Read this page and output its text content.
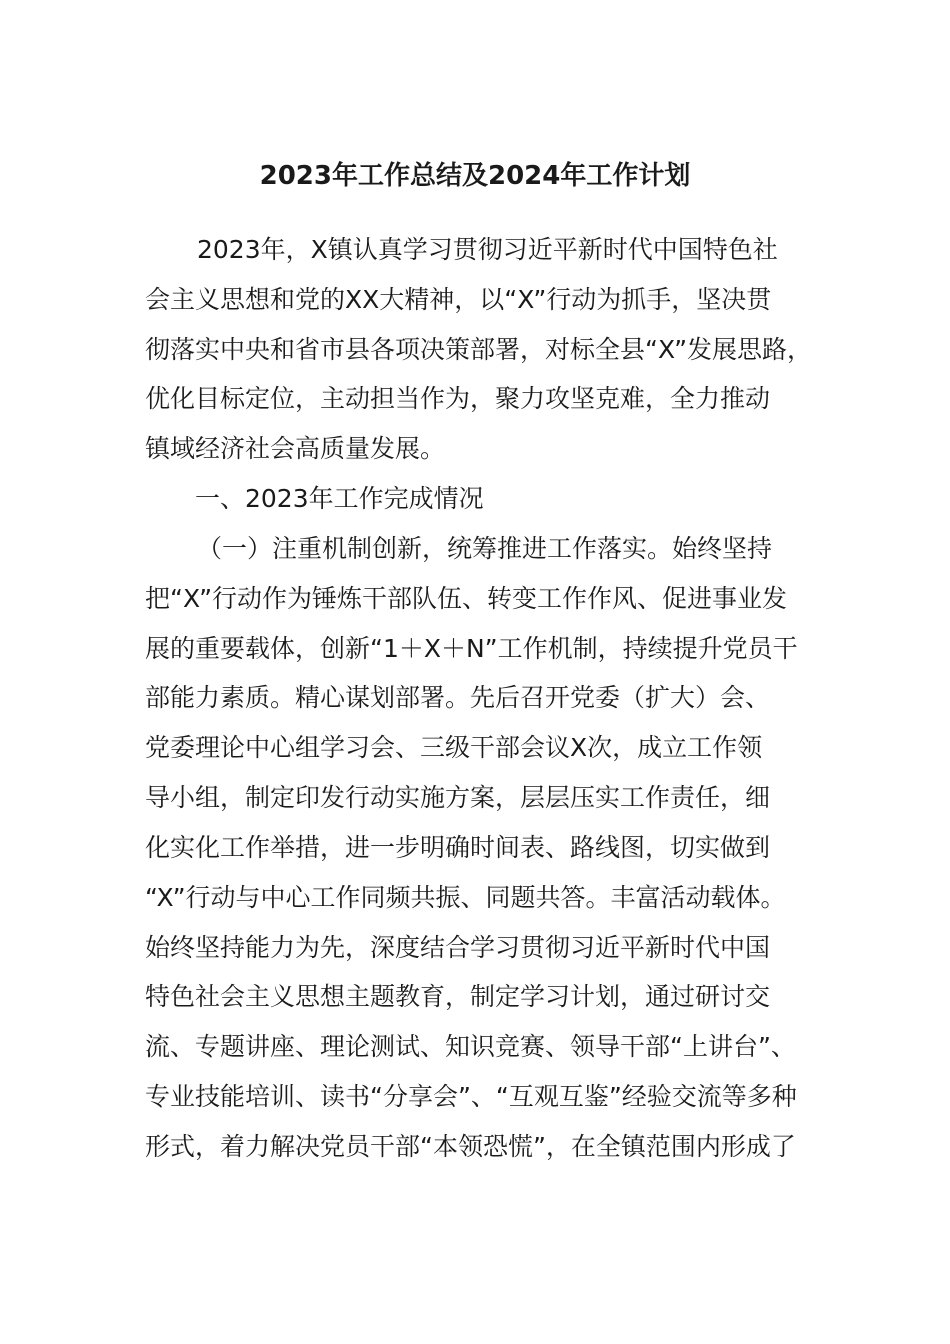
2023年工作总结及2024年工作计划
2023年，X镇认真学习贯彻习近平新时代中国特色社
会主义思想和党的XX大精神，以“X”行动为抓手，坚决贯
彻落实中央和省市县各项决策部署，对标全县“X”发展思路，
优化目标定位，主动担当作为，聚力攻坚克难，全力推动
镇域经济社会高质量发展。
一、2023年工作完成情况
（一）注重机制创新，统筹推进工作落实。始终坚持
把“X”行动作为锤炼干部队伍、转变工作作风、促进事业发
展的重要载体，创新“1＋X＋N”工作机制，持续提升党员干
部能力素质。精心谋划部署。先后召开党委（扩大）会、
党委理论中心组学习会、三级干部会议X次，成立工作领
导小组，制定印发行动实施方案，层层压实工作责任，细
化实化工作举措，进一步明确时间表、路线图，切实做到
“X”行动与中心工作同频共振、同题共答。丰富活动载体。
始终坚持能力为先，深度结合学习贯彻习近平新时代中国
特色社会主义思想主题教育，制定学习计划，通过研讨交
流、专题讲座、理论测试、知识竞赛、领导干部“上讲台”、
专业技能培训、读书“分享会”、“互观互鉴”经验交流等多种
形式，着力解决党员干部“本领恐慌”，在全镇范围内形成了
